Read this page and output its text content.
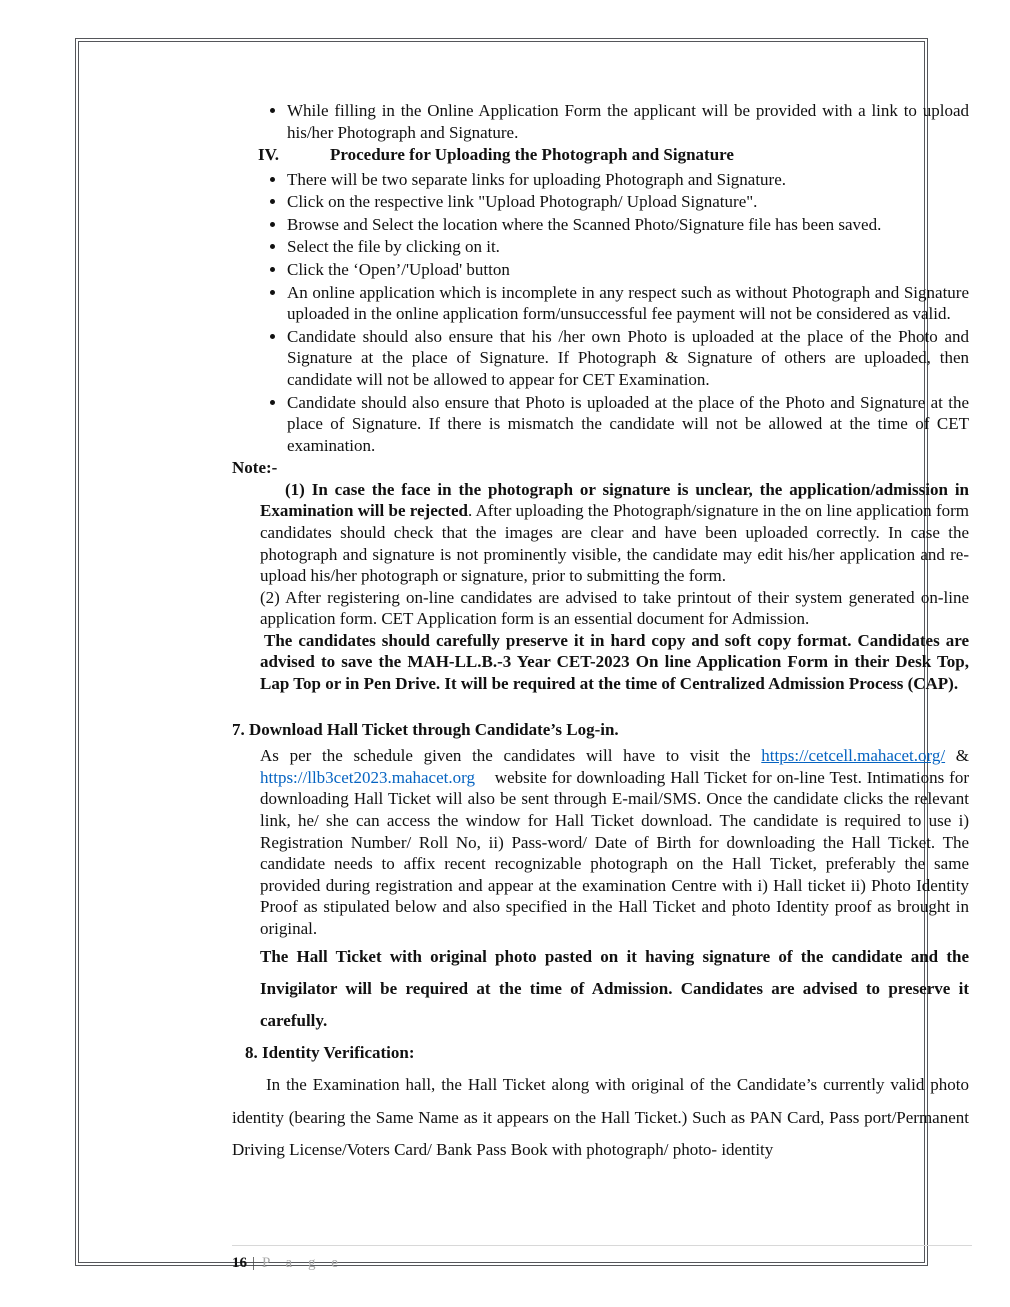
• While filling in the Online Application Form the applicant will be provided with a link to upload his/her Photograph and Signature.

IV.	Procedure for Uploading the Photograph and Signature

• There will be two separate links for uploading Photograph and Signature.
• Click on the respective link "Upload Photograph/ Upload Signature".
• Browse and Select the location where the Scanned Photo/Signature file has been saved.
• Select the file by clicking on it.
• Click the ‘Open’/'Upload' button
• An online application which is incomplete in any respect such as without Photograph and Signature uploaded in the online application form/unsuccessful fee payment will not be considered as valid.
• Candidate should also ensure that his /her own Photo is uploaded at the place of the Photo and Signature at the place of Signature. If Photograph & Signature of others are uploaded, then candidate will not be allowed to appear for CET Examination.
• Candidate should also ensure that Photo is uploaded at the place of the Photo and Signature at the place of Signature. If there is mismatch the candidate will not be allowed at the time of CET examination.

Note:-

(1) In case the face in the photograph or signature is unclear, the application/admission in Examination will be rejected. After uploading the Photograph/signature in the on line application form candidates should check that the images are clear and have been uploaded correctly. In case the photograph and signature is not prominently visible, the candidate may edit his/her application and re-upload his/her photograph or signature, prior to submitting the form.

(2) After registering on-line candidates are advised to take printout of their system generated on-line application form. CET Application form is an essential document for Admission.

The candidates should carefully preserve it in hard copy and soft copy format. Candidates are advised to save the MAH-LL.B.-3 Year CET-2023 On line Application Form in their Desk Top, Lap Top or in Pen Drive. It will be required at the time of Centralized Admission Process (CAP).

7. Download Hall Ticket through Candidate’s Log-in.

As per the schedule given the candidates will have to visit the https://cetcell.mahacet.org/ & https://llb3cet2023.mahacet.org    website for downloading Hall Ticket for on-line Test. Intimations for downloading Hall Ticket will also be sent through E-mail/SMS. Once the candidate clicks the relevant link, he/ she can access the window for Hall Ticket download. The candidate is required to use i) Registration Number/ Roll No, ii) Pass-word/ Date of Birth for downloading the Hall Ticket. The candidate needs to affix recent recognizable photograph on the Hall Ticket, preferably the same provided during registration and appear at the examination Centre with i) Hall ticket ii) Photo Identity Proof as stipulated below and also specified in the Hall Ticket and photo Identity proof as brought in original.

The Hall Ticket with original photo pasted on it having signature of the candidate and the Invigilator will be required at the time of Admission. Candidates are advised to preserve it carefully.

8. Identity Verification:

In the Examination hall, the Hall Ticket along with original of the Candidate’s currently valid photo identity (bearing the Same Name as it appears on the Hall Ticket.) Such as PAN Card, Pass port/Permanent Driving License/Voters Card/ Bank Pass Book with photograph/ photo- identity

16 | P a g e
